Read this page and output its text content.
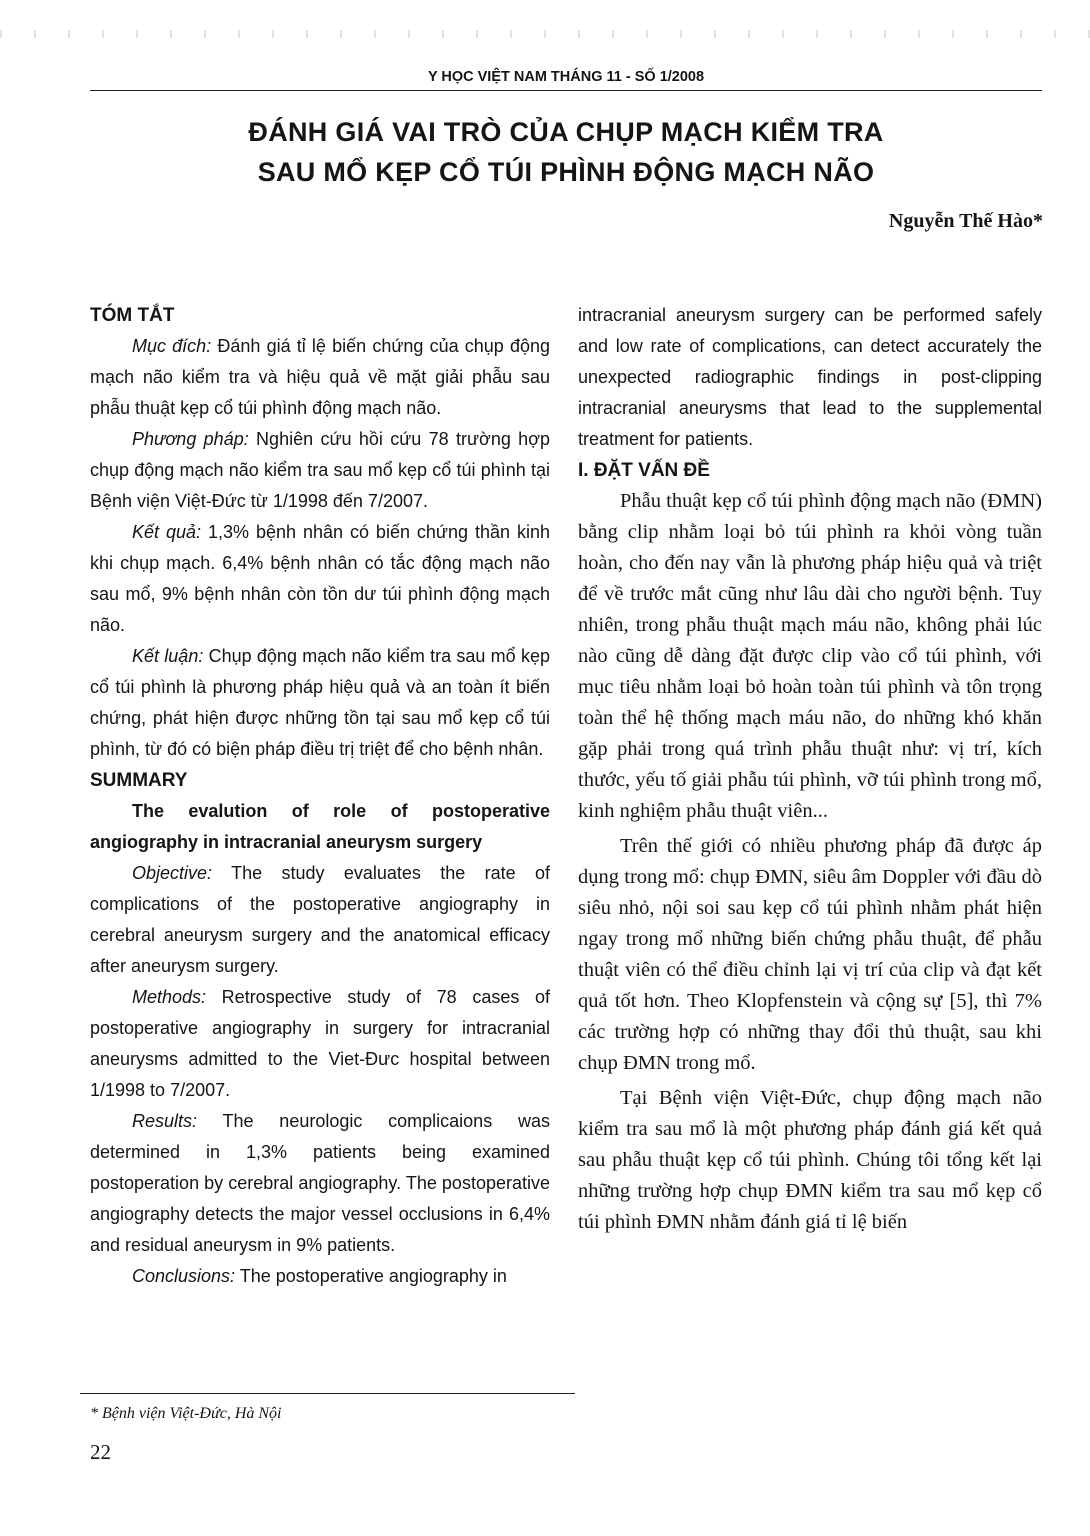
Y HỌC VIỆT NAM THÁNG 11 - SỐ 1/2008
ĐÁNH GIÁ VAI TRÒ CỦA CHỤP MẠCH KIỂM TRA
SAU MỔ KẸP CỔ TÚI PHÌNH ĐỘNG MẠCH NÃO
Nguyễn Thế Hào*
TÓM TẮT

Mục đích: Đánh giá tỉ lệ biến chứng của chụp động mạch não kiểm tra và hiệu quả về mặt giải phẫu sau phẫu thuật kẹp cổ túi phình động mạch não.

Phương pháp: Nghiên cứu hồi cứu 78 trường hợp chụp động mạch não kiểm tra sau mổ kẹp cổ túi phình tại Bệnh viện Việt-Đức từ 1/1998 đến 7/2007.

Kết quả: 1,3% bệnh nhân có biến chứng thần kinh khi chụp mạch. 6,4% bệnh nhân có tắc động mạch não sau mổ, 9% bệnh nhân còn tồn dư túi phình động mạch não.

Kết luận: Chụp động mạch não kiểm tra sau mổ kẹp cổ túi phình là phương pháp hiệu quả và an toàn ít biến chứng, phát hiện được những tồn tại sau mổ kẹp cổ túi phình, từ đó có biện pháp điều trị triệt để cho bệnh nhân.

SUMMARY

The evalution of role of postoperative angiography in intracranial aneurysm surgery

Objective: The study evaluates the rate of complications of the postoperative angiography in cerebral aneurysm surgery and the anatomical efficacy after aneurysm surgery.

Methods: Retrospective study of 78 cases of postoperative angiography in surgery for intracranial aneurysms admitted to the Viet-Đưc hospital between 1/1998 to 7/2007.

Results: The neurologic complicaions was determined in 1,3% patients being examined postoperation by cerebral angiography. The postoperative angiography detects the major vessel occlusions in 6,4% and residual aneurysm in 9% patients.

Conclusions: The postoperative angiography in

intracranial aneurysm surgery can be performed safely and low rate of complications, can detect accurately the unexpected radiographic findings in post-clipping intracranial aneurysms that lead to the supplemental treatment for patients.

I. ĐẶT VẤN ĐỀ

Phẫu thuật kẹp cổ túi phình động mạch não (ĐMN) bằng clip nhằm loại bỏ túi phình ra khỏi vòng tuần hoàn, cho đến nay vẫn là phương pháp hiệu quả và triệt để về trước mắt cũng như lâu dài cho người bệnh. Tuy nhiên, trong phẫu thuật mạch máu não, không phải lúc nào cũng dễ dàng đặt được clip vào cổ túi phình, với mục tiêu nhằm loại bỏ hoàn toàn túi phình và tôn trọng toàn thể hệ thống mạch máu não, do những khó khăn gặp phải trong quá trình phẫu thuật như: vị trí, kích thước, yếu tố giải phẫu túi phình, vỡ túi phình trong mổ, kinh nghiệm phẫu thuật viên...

Trên thế giới có nhiều phương pháp đã được áp dụng trong mổ: chụp ĐMN, siêu âm Doppler với đầu dò siêu nhỏ, nội soi sau kẹp cổ túi phình nhằm phát hiện ngay trong mổ những biến chứng phẫu thuật, để phẫu thuật viên có thể điều chỉnh lại vị trí của clip và đạt kết quả tốt hơn. Theo Klopfenstein và cộng sự [5], thì 7% các trường hợp có những thay đổi thủ thuật, sau khi chụp ĐMN trong mổ.

Tại Bệnh viện Việt-Đức, chụp động mạch não kiểm tra sau mổ là một phương pháp đánh giá kết quả sau phẫu thuật kẹp cổ túi phình. Chúng tôi tổng kết lại những trường hợp chụp ĐMN kiểm tra sau mổ kẹp cổ túi phình ĐMN nhằm đánh giá tỉ lệ biến

* Bệnh viện Việt-Đức, Hà Nội
22
